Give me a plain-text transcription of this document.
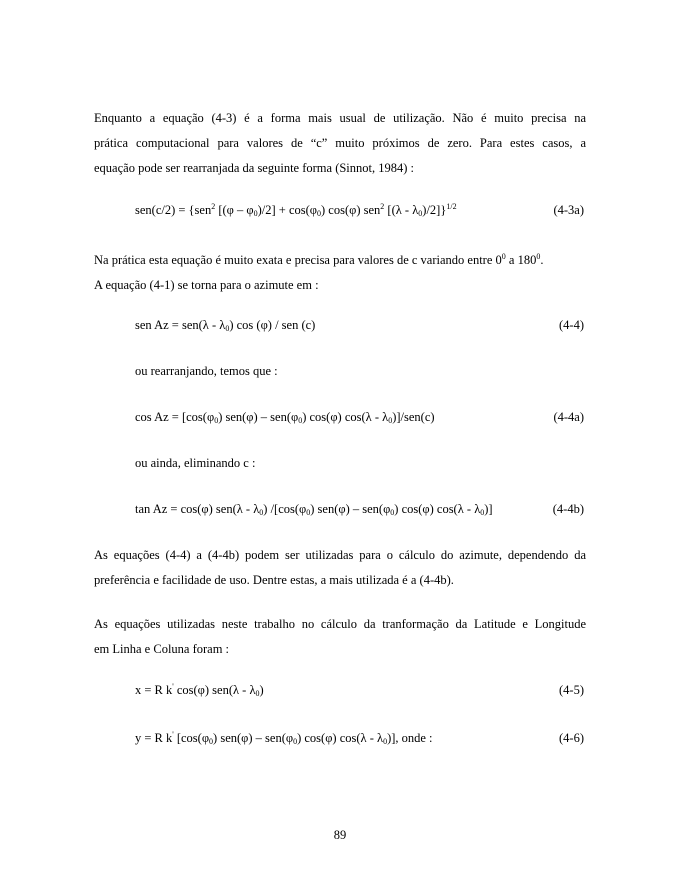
Enquanto a equação (4-3) é a forma mais usual de utilização. Não é muito precisa na
prática computacional para valores de “c” muito próximos de zero. Para estes casos, a
equação pode ser rearranjada da seguinte forma (Sinnot, 1984) :
sen(c/2) = {sen$^2$ $[(\varphi - \varphi_0)/2] + \cos(\varphi_0)$ cos(φ) sen$^2$ $[(\lambda - \lambda_0)/2]\}^{1/2}$	(4-3a)
Na prática esta equação é muito exata e precisa para valores de c variando entre $0^0$ a $180^0$.
A equação (4-1) se torna para o azimute em :
sen $Az = sen(\lambda - \lambda_0)$ cos (φ) / sen (c)	(4-4)
ou rearranjando, temos que :
$\cos Az = [\cos(\varphi_0)$ $sen(\varphi) - sen(\varphi_0)$ cos(φ) $\cos(\lambda - \lambda_0)]/sen(c)$	(4-4a)
ou ainda, eliminando c :
tan Az = cos(φ) $sen(\lambda - \lambda_0)$ $/[\cos(\varphi_0)$ $sen(\varphi) - sen(\varphi_0)$ cos(φ) $\cos(\lambda - \lambda_0)$]	(4-4b)
As equações (4-4) a (4-4b) podem ser utilizadas para o cálculo do azimute, dependendo da
preferência e facilidade de uso. Dentre estas, a mais utilizada é a (4-4b).
As equações utilizadas neste trabalho no cálculo da tranformação da Latitude e Longitude
em Linha e Coluna foram :
x = R k' cos(φ) $sen(\lambda - \lambda_0)$	(4-5)
y = R k' [$\cos(\varphi_0)$ $sen(\varphi) - sen(\varphi_0)$ cos(φ) $\cos(\lambda - \lambda_0)$], onde :	(4-6)
89
